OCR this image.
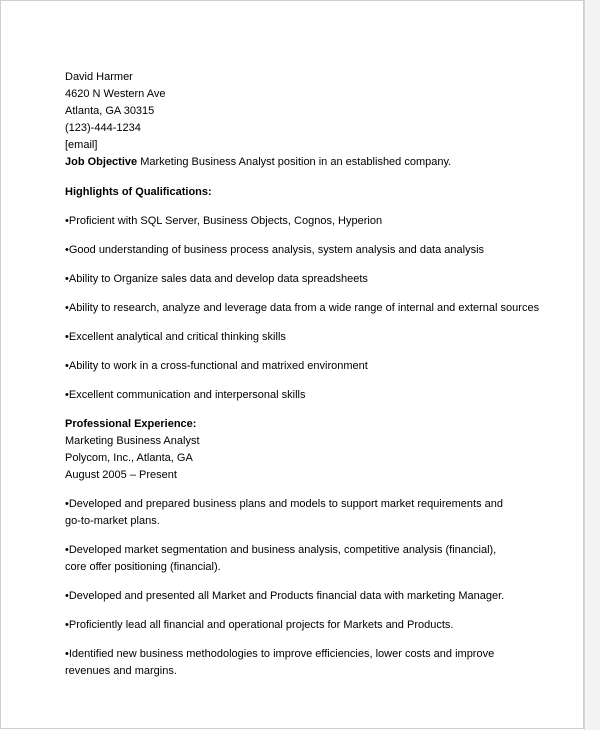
David Harmer
4620 N Western Ave
Atlanta, GA 30315
(123)-444-1234
[email]
Job Objective Marketing Business Analyst position in an established company.
Highlights of Qualifications:
•Proficient with SQL Server, Business Objects, Cognos, Hyperion
•Good understanding of business process analysis, system analysis and data analysis
•Ability to Organize sales data and develop data spreadsheets
•Ability to research, analyze and leverage data from a wide range of internal and external sources
•Excellent analytical and critical thinking skills
•Ability to work in a cross-functional and matrixed environment
•Excellent communication and interpersonal skills
Professional Experience:
Marketing Business Analyst
Polycom, Inc., Atlanta, GA
August 2005 – Present
•Developed and prepared business plans and models to support market requirements and go-to-market plans.
•Developed market segmentation and business analysis, competitive analysis (financial), core offer positioning (financial).
•Developed and presented all Market and Products financial data with marketing Manager.
•Proficiently lead all financial and operational projects for Markets and Products.
•Identified new business methodologies to improve efficiencies, lower costs and improve revenues and margins.
